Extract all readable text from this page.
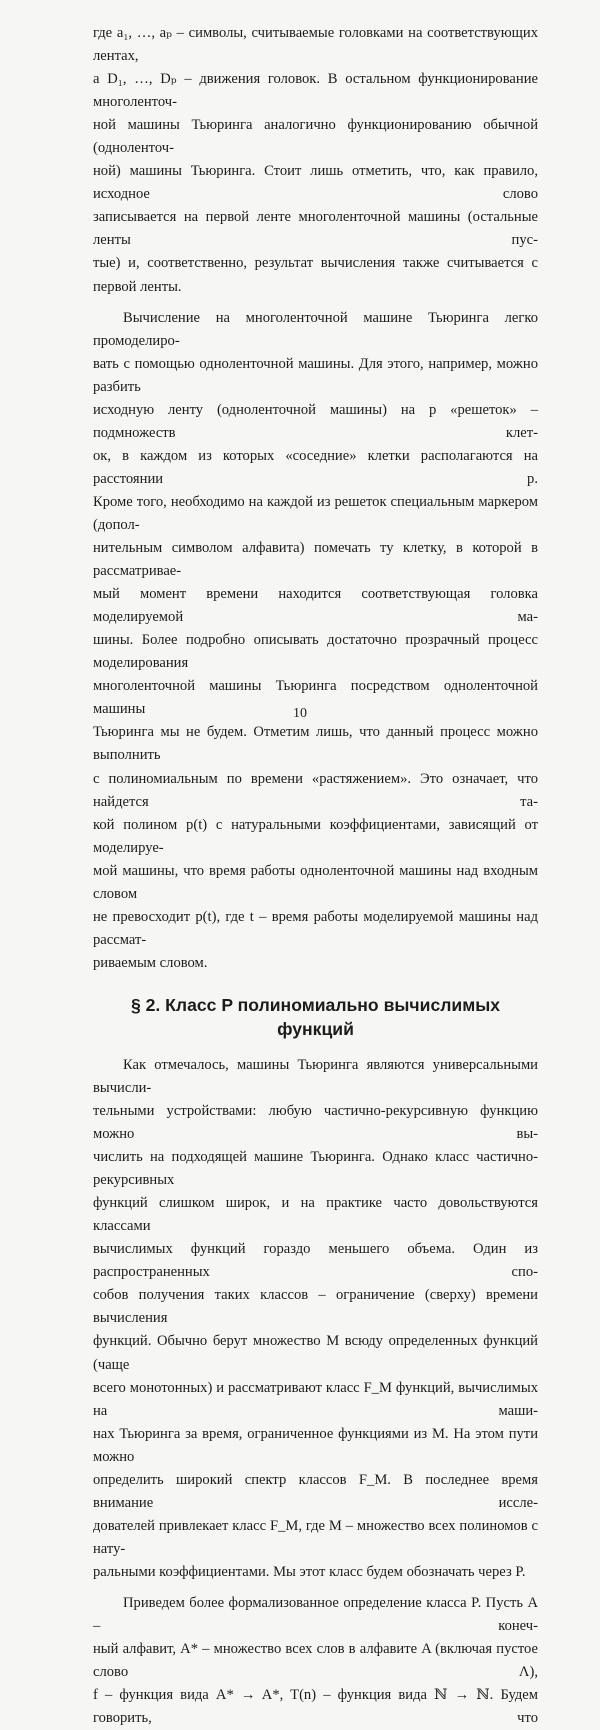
где a₁, …, aₚ – символы, считываемые головками на соответствующих лентах,
а D₁, …, Dₚ – движения головок. В остальном функционирование многоленточ-
ной машины Тьюринга аналогично функционированию обычной (одноленточ-
ной) машины Тьюринга. Стоит лишь отметить, что, как правило, исходное слово
записывается на первой ленте многоленточной машины (остальные ленты пус-
тые) и, соответственно, результат вычисления также считывается с первой ленты.

Вычисление на многоленточной машине Тьюринга легко промоделиро-
вать с помощью одноленточной машины. Для этого, например, можно разбить
исходную ленту (одноленточной машины) на p «решеток» – подмножеств клет-
ок, в каждом из которых «соседние» клетки располагаются на расстоянии p.
Кроме того, необходимо на каждой из решеток специальным маркером (допол-
нительным символом алфавита) помечать ту клетку, в которой в рассматривае-
мый момент времени находится соответствующая головка моделируемой ма-
шины. Более подробно описывать достаточно прозрачный процесс моделирования
многоленточной машины Тьюринга посредством одноленточной машины
Тьюринга мы не будем. Отметим лишь, что данный процесс можно выполнить
с полиномиальным по времени «растяжением». Это означает, что найдется та-
кой полином p(t) с натуральными коэффициентами, зависящий от моделируе-
мой машины, что время работы одноленточной машины над входным словом
не превосходит p(t), где t – время работы моделируемой машины над рассмат-
риваемым словом.

§ 2. Класс P полиномиально вычислимых функций

Как отмечалось, машины Тьюринга являются универсальными вычисли-
тельными устройствами: любую частично-рекурсивную функцию можно вы-
числить на подходящей машине Тьюринга. Однако класс частично-рекурсивных
функций слишком широк, и на практике часто довольствуются классами
вычислимых функций гораздо меньшего объема. Один из распространенных спо-
собов получения таких классов – ограничение (сверху) времени вычисления
функций. Обычно берут множество M всюду определенных функций (чаще
всего монотонных) и рассматривают класс F_M функций, вычислимых на маши-
нах Тьюринга за время, ограниченное функциями из M. На этом пути можно
определить широкий спектр классов F_M. В последнее время внимание иссле-
дователей привлекает класс F_M, где M – множество всех полиномов с нату-
ральными коэффициентами. Мы этот класс будем обозначать через P.

Приведем более формализованное определение класса P. Пусть A – конеч-
ный алфавит, A* – множество всех слов в алфавите A (включая пустое слово Λ),
f – функция вида A* → A*, T(n) – функция вида ℕ → ℕ. Будем говорить, что

10
